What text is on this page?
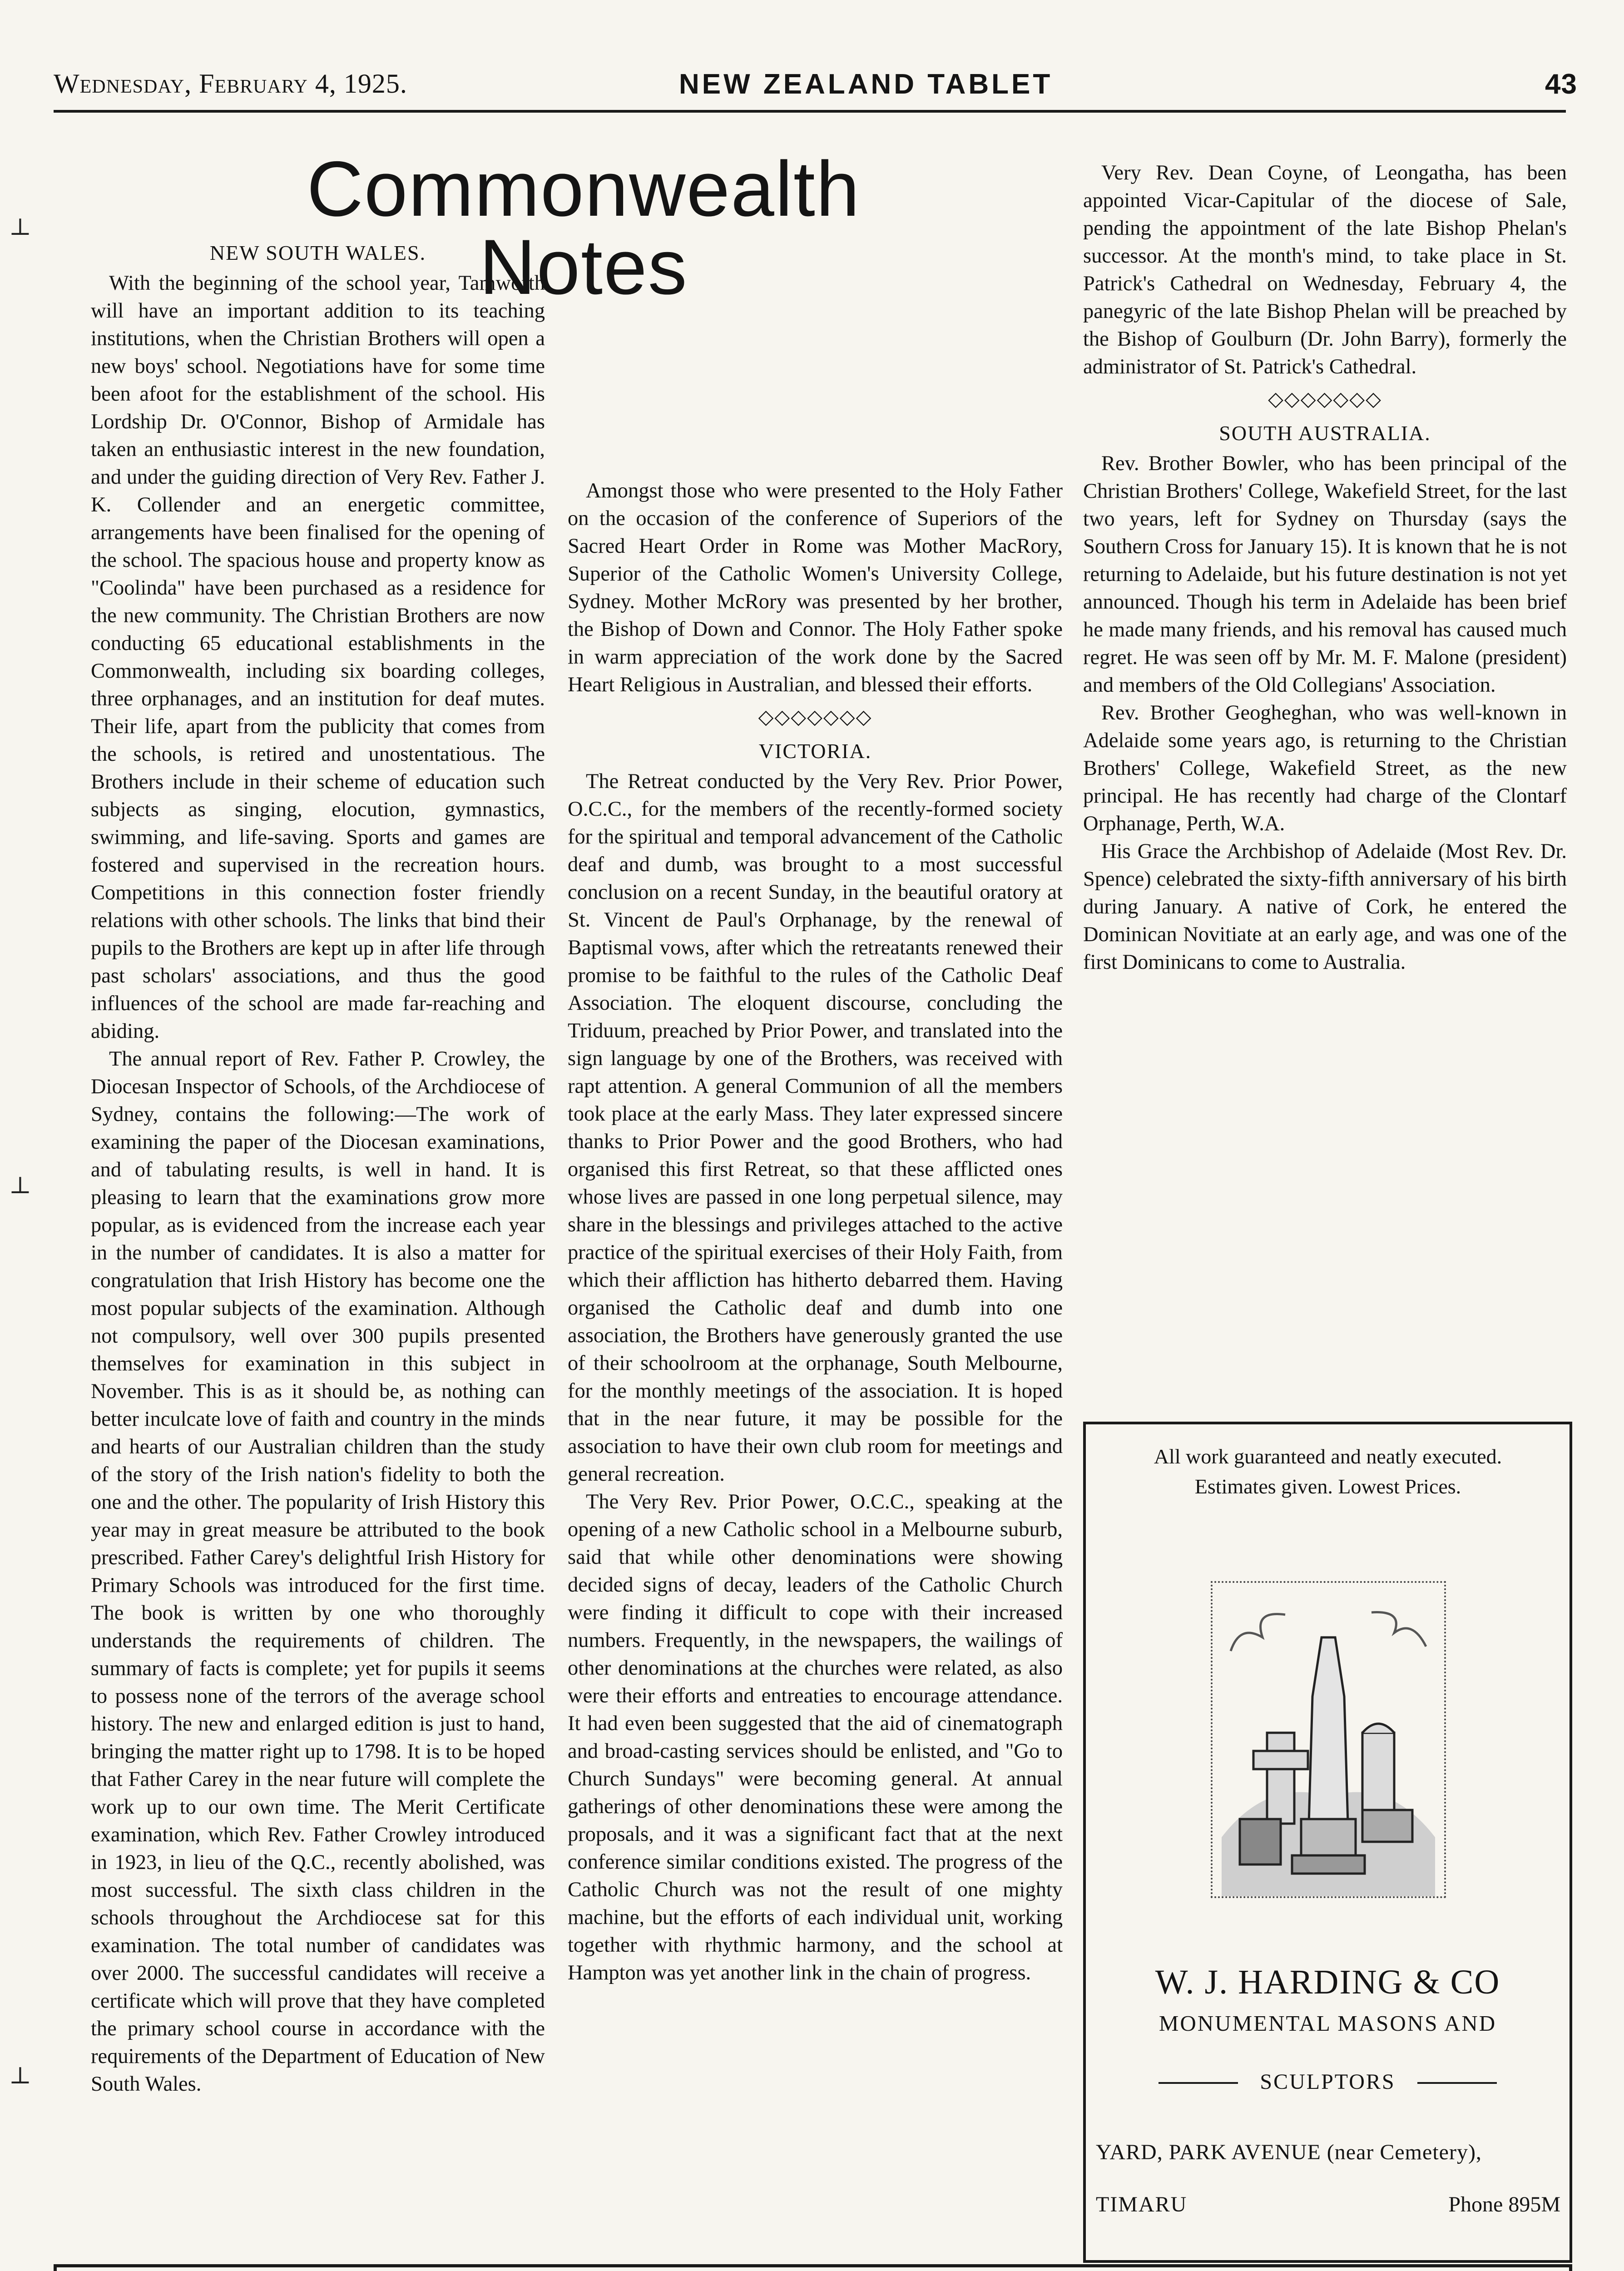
Wednesday, February 4, 1925.	NEW ZEALAND TABLET	43
Commonwealth Notes
⊥
⊥
⊥
NEW SOUTH WALES.

With the beginning of the school year, Tamworth will have an important addition to its teaching institutions, when the Christian Brothers will open a new boys' school. Negotiations have for some time been afoot for the establishment of the school. His Lordship Dr. O'Connor, Bishop of Armidale has taken an enthusiastic interest in the new foundation, and under the guiding direction of Very Rev. Father J. K. Collender and an energetic committee, arrangements have been finalised for the opening of the school. The spacious house and property know as "Coolinda" have been purchased as a residence for the new community. The Christian Brothers are now conducting 65 educational establishments in the Commonwealth, including six boarding colleges, three orphanages, and an institution for deaf mutes. Their life, apart from the publicity that comes from the schools, is retired and unostentatious. The Brothers include in their scheme of education such subjects as singing, elocution, gymnastics, swimming, and life-saving. Sports and games are fostered and supervised in the recreation hours. Competitions in this connection foster friendly relations with other schools. The links that bind their pupils to the Brothers are kept up in after life through past scholars' associations, and thus the good influences of the school are made far-reaching and abiding.

The annual report of Rev. Father P. Crowley, the Diocesan Inspector of Schools, of the Archdiocese of Sydney, contains the following:—The work of examining the paper of the Diocesan examinations, and of tabulating results, is well in hand. It is pleasing to learn that the examinations grow more popular, as is evidenced from the increase each year in the number of candidates. It is also a matter for congratulation that Irish History has become one the most popular subjects of the examination. Although not compulsory, well over 300 pupils presented themselves for examination in this subject in November. This is as it should be, as nothing can better inculcate love of faith and country in the minds and hearts of our Australian children than the study of the story of the Irish nation's fidelity to both the one and the other. The popularity of Irish History this year may in great measure be attributed to the book prescribed. Father Carey's delightful Irish History for Primary Schools was introduced for the first time. The book is written by one who thoroughly understands the requirements of children. The summary of facts is complete; yet for pupils it seems to possess none of the terrors of the average school history. The new and enlarged edition is just to hand, bringing the matter right up to 1798. It is to be hoped that Father Carey in the near future will complete the work up to our own time. The Merit Certificate examination, which Rev. Father Crowley introduced in 1923, in lieu of the Q.C., recently abolished, was most successful. The sixth class children in the schools throughout the Archdiocese sat for this examination. The total number of candidates was over 2000. The successful candidates will receive a certificate which will prove that they have completed the primary school course in accordance with the requirements of the Department of Education of New South Wales.

Amongst those who were presented to the Holy Father on the occasion of the conference of Superiors of the Sacred Heart Order in Rome was Mother MacRory, Superior of the Catholic Women's University College, Sydney. Mother McRory was presented by her brother, the Bishop of Down and Connor. The Holy Father spoke in warm appreciation of the work done by the Sacred Heart Religious in Australian, and blessed their efforts.

◇◇◇◇◇◇◇
VICTORIA.

The Retreat conducted by the Very Rev. Prior Power, O.C.C., for the members of the recently-formed society for the spiritual and temporal advancement of the Catholic deaf and dumb, was brought to a most successful conclusion on a recent Sunday, in the beautiful oratory at St. Vincent de Paul's Orphanage, by the renewal of Baptismal vows, after which the retreatants renewed their promise to be faithful to the rules of the Catholic Deaf Association. The eloquent discourse, concluding the Triduum, preached by Prior Power, and translated into the sign language by one of the Brothers, was received with rapt attention. A general Communion of all the members took place at the early Mass. They later expressed sincere thanks to Prior Power and the good Brothers, who had organised this first Retreat, so that these afflicted ones whose lives are passed in one long perpetual silence, may share in the blessings and privileges attached to the active practice of the spiritual exercises of their Holy Faith, from which their affliction has hitherto debarred them. Having organised the Catholic deaf and dumb into one association, the Brothers have generously granted the use of their schoolroom at the orphanage, South Melbourne, for the monthly meetings of the association. It is hoped that in the near future, it may be possible for the association to have their own club room for meetings and general recreation.

The Very Rev. Prior Power, O.C.C., speaking at the opening of a new Catholic school in a Melbourne suburb, said that while other denominations were showing decided signs of decay, leaders of the Catholic Church were finding it difficult to cope with their increased numbers. Frequently, in the newspapers, the wailings of other denominations at the churches were related, as also were their efforts and entreaties to encourage attendance. It had even been suggested that the aid of cinematograph and broad-casting services should be enlisted, and "Go to Church Sundays" were becoming general. At annual gatherings of other denominations these were among the proposals, and it was a significant fact that at the next conference similar conditions existed. The progress of the Catholic Church was not the result of one mighty machine, but the efforts of each individual unit, working together with rhythmic harmony, and the school at Hampton was yet another link in the chain of progress.

Very Rev. Dean Coyne, of Leongatha, has been appointed Vicar-Capitular of the diocese of Sale, pending the appointment of the late Bishop Phelan's successor. At the month's mind, to take place in St. Patrick's Cathedral on Wednesday, February 4, the panegyric of the late Bishop Phelan will be preached by the Bishop of Goulburn (Dr. John Barry), formerly the administrator of St. Patrick's Cathedral.

◇◇◇◇◇◇◇
SOUTH AUSTRALIA.

Rev. Brother Bowler, who has been principal of the Christian Brothers' College, Wakefield Street, for the last two years, left for Sydney on Thursday (says the Southern Cross for January 15). It is known that he is not returning to Adelaide, but his future destination is not yet announced. Though his term in Adelaide has been brief he made many friends, and his removal has caused much regret. He was seen off by Mr. M. F. Malone (president) and members of the Old Collegians' Association.

Rev. Brother Geogheghan, who was well-known in Adelaide some years ago, is returning to the Christian Brothers' College, Wakefield Street, as the new principal. He has recently had charge of the Clontarf Orphanage, Perth, W.A.

His Grace the Archbishop of Adelaide (Most Rev. Dr. Spence) celebrated the sixty-fifth anniversary of his birth during January. A native of Cork, he entered the Dominican Novitiate at an early age, and was one of the first Dominicans to come to Australia.

All work guaranteed and neatly executed.
Estimates given. Lowest Prices.
W. J. HARDING & CO
MONUMENTAL MASONS AND
SCULPTORS
YARD, PARK AVENUE (near Cemetery),
TIMARU	Phone 895M
